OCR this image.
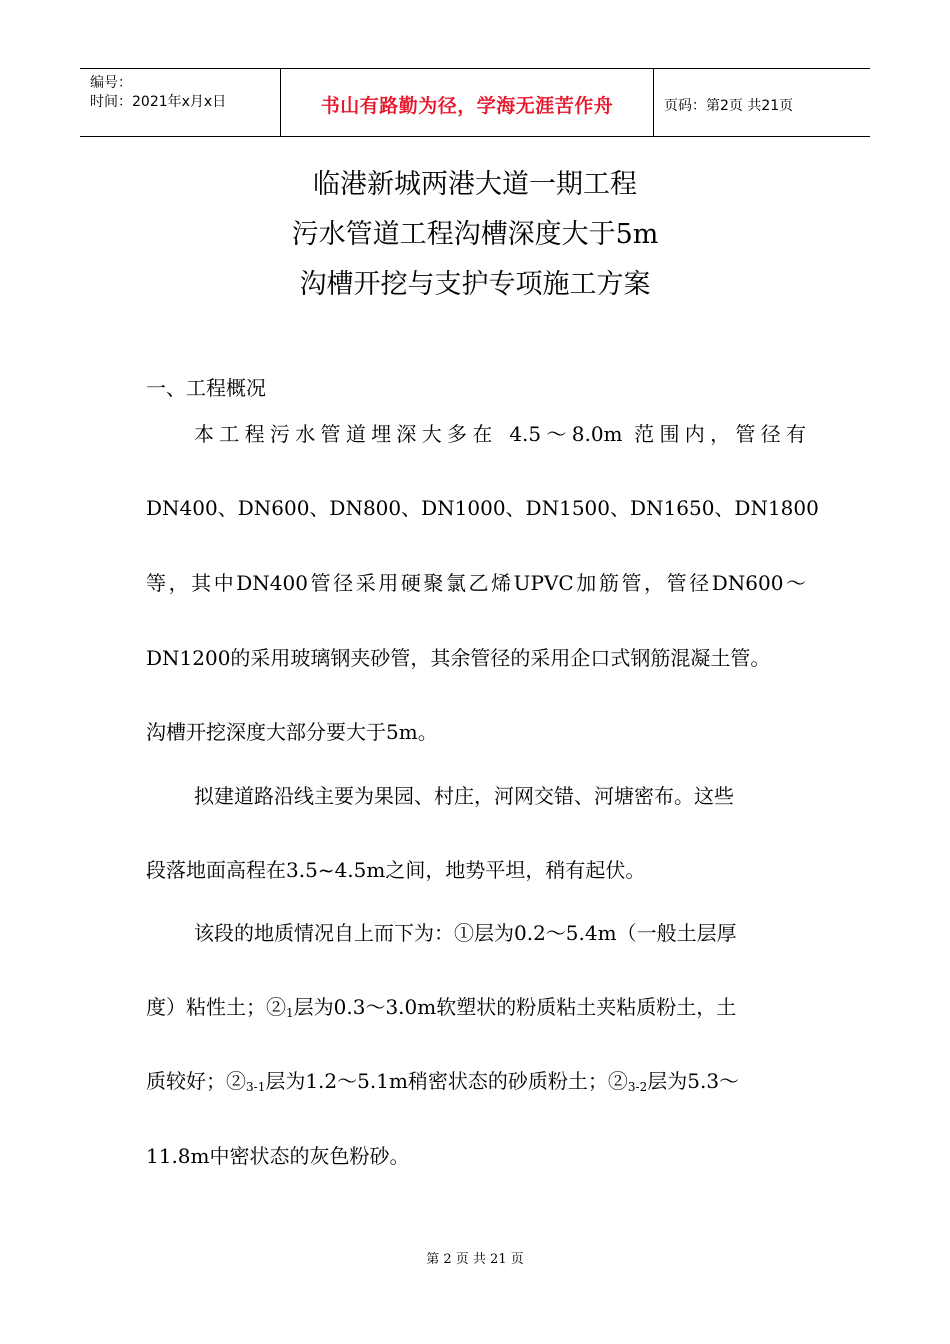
编号：
时间：2021年x月x日	书山有路勤为径，学海无涯苦作舟	页码：第2页 共21页
临港新城两港大道一期工程
污水管道工程沟槽深度大于5m
沟槽开挖与支护专项施工方案
一、工程概况
本工程污水管道埋深大多在 4.5～8.0m 范围内，管径有
DN400、DN600、DN800、DN1000、DN1500、DN1650、DN1800
等，其中DN400管径采用硬聚氯乙烯UPVC加筋管，管径DN600～
DN1200的采用玻璃钢夹砂管，其余管径的采用企口式钢筋混凝土管。
沟槽开挖深度大部分要大于5m。
拟建道路沿线主要为果园、村庄，河网交错、河塘密布。这些
段落地面高程在3.5~4.5m之间，地势平坦，稍有起伏。
该段的地质情况自上而下为：①层为0.2～5.4m（一般土层厚
度）粘性土；$②_1$层为0.3～3.0m软塑状的粉质粘土夹粘质粉土，土
质较好；$②_{3-1}$层为1.2～5.1m稍密状态的砂质粉土；$②_{3-2}$层为5.3～
11.8m中密状态的灰色粉砂。
第 2 页 共 21 页
